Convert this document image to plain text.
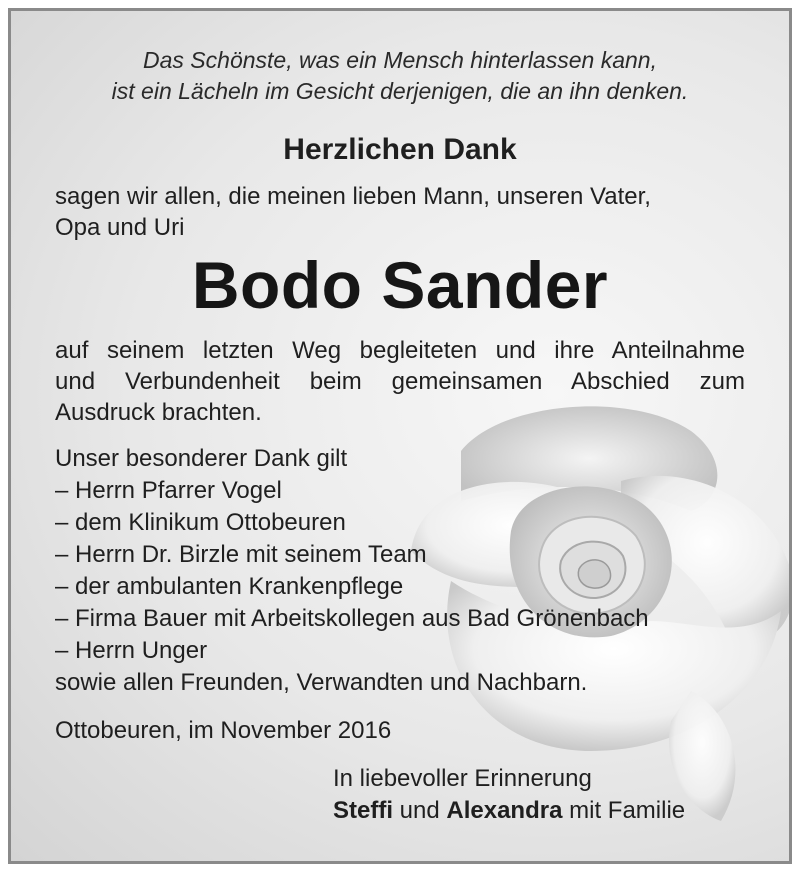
Das Schönste, was ein Mensch hinterlassen kann,
ist ein Lächeln im Gesicht derjenigen, die an ihn denken.
Herzlichen Dank
sagen wir allen, die meinen lieben Mann, unseren Vater,
Opa und Uri
Bodo Sander
auf seinem letzten Weg begleiteten und ihre Anteilnahme
und Verbundenheit beim gemeinsamen Abschied zum
Ausdruck brachten.
Unser besonderer Dank gilt
– Herrn Pfarrer Vogel
– dem Klinikum Ottobeuren
– Herrn Dr. Birzle mit seinem Team
– der ambulanten Krankenpflege
– Firma Bauer mit Arbeitskollegen aus Bad Grönenbach
– Herrn Unger
sowie allen Freunden, Verwandten und Nachbarn.
Ottobeuren, im November 2016
In liebevoller Erinnerung
Steffi und Alexandra mit Familie
